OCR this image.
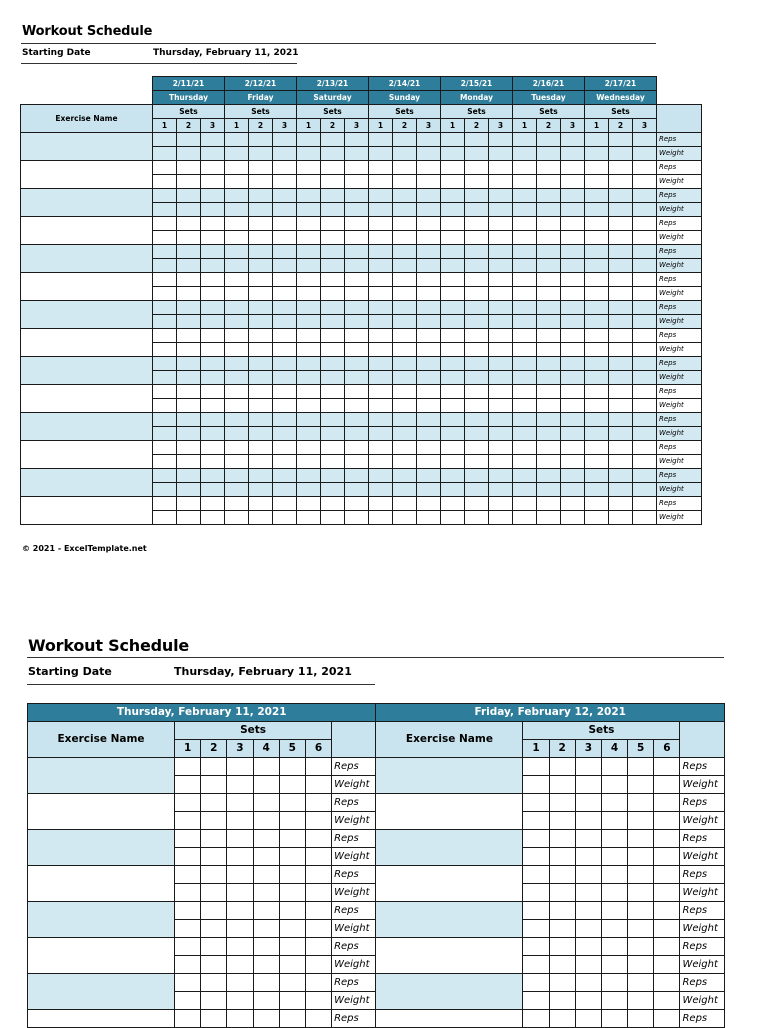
Workout Schedule
Starting Date	Thursday, February 11, 2021
	2/11/21			2/12/21			2/13/21			2/14/21			2/15/21			2/16/21			2/17/21			
	Thursday			Friday			Saturday			Sunday			Monday			Tuesday			Wednesday			
Exercise Name	Sets			Sets			Sets			Sets			Sets			Sets			Sets			
	1	2	3	1	2	3	1	2	3	1	2	3	1	2	3	1	2	3	1	2	3	
																						Reps
																						Weight
																						Reps
																						Weight
																						Reps
																						Weight
																						Reps
																						Weight
																						Reps
																						Weight
																						Reps
																						Weight
																						Reps
																						Weight
																						Reps
																						Weight
																						Reps
																						Weight
																						Reps
																						Weight
																						Reps
																						Weight
																						Reps
																						Weight
																						Reps
																						Weight
																						Reps
																						Weight
© 2021 - ExcelTemplate.net
Workout Schedule
Starting Date	Thursday, February 11, 2021
Thursday, February 11, 2021								Friday, February 12, 2021							
Exercise Name	Sets							Exercise Name	Sets						
	1	2	3	4	5	6			1	2	3	4	5	6	
							Reps								Reps
							Weight								Weight
							Reps								Reps
							Weight								Weight
							Reps								Reps
							Weight								Weight
							Reps								Reps
							Weight								Weight
							Reps								Reps
							Weight								Weight
							Reps								Reps
							Weight								Weight
							Reps								Reps
							Weight								Weight
							Reps								Reps
